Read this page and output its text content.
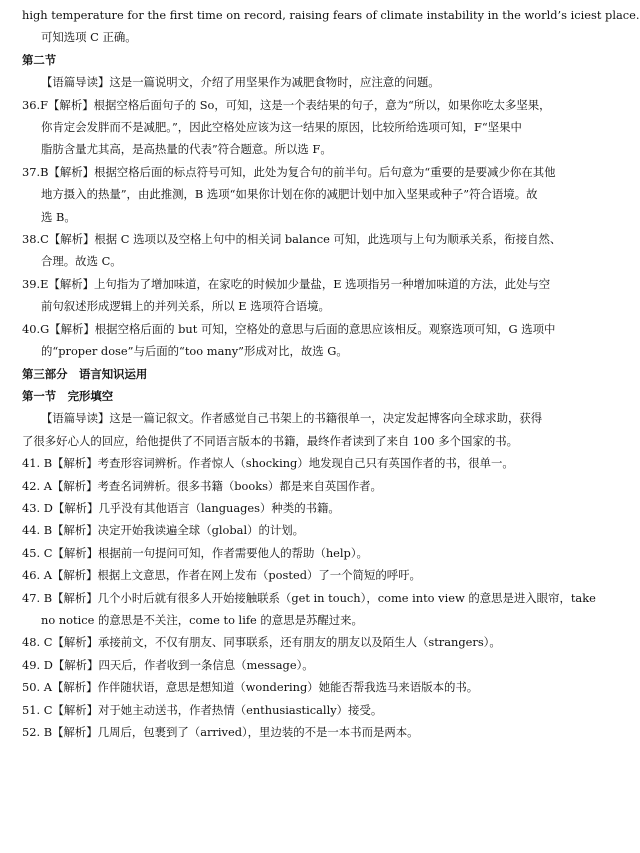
high temperature for the first time on record, raising fears of climate instability in the world’s iciest place.
可知选项 C 正确。
第二节
【语篇导读】这是一篇说明文，介绍了用坚果作为减肥食物时，应注意的问题。
36.F 【解析】根据空格后面句子的 So，可知，这是一个表结果的句子，意为“所以，如果你吃太多坚果，
你肯定会发胖而不是减肥。”，因此空格处应该为这一结果的原因，比较所给选项可知，F“坚果中
脂肪含量尤其高，是高热量的代表”符合题意。所以选 F。
37.B 【解析】根据空格后面的标点符号可知，此处为复合句的前半句。后句意为“重要的是要减少你在其他
地方摄入的热量”，由此推测，B 选项“如果你计划在你的减肥计划中加入坚果或种子”符合语境。故
选 B。
38.C 【解析】根据 C 选项以及空格上句中的相关词 balance 可知，此选项与上句为顺承关系，衔接自然、
合理。故选 C。
39.E 【解析】上句指为了增加味道，在家吃的时候加少量盐，E 选项指另一种增加味道的方法，此处与空
前句叙述形成逻辑上的并列关系，所以 E 选项符合语境。
40.G 【解析】根据空格后面的 but 可知，空格处的意思与后面的意思应该相反。观察选项可知，G 选项中
的“proper dose”与后面的“too many”形成对比，故选 G。
第三部分　语言知识运用
第一节　完形填空
【语篇导读】这是一篇记叙文。作者感觉自己书架上的书籍很单一，决定发起博客向全球求助，获得
了很多好心人的回应，给他提供了不同语言版本的书籍，最终作者读到了来自 100 多个国家的书。
41. B 【解析】考查形容词辨析。作者惊人（shocking）地发现自己只有英国作者的书，很单一。
42. A 【解析】考查名词辨析。很多书籍（books）都是来自英国作者。
43. D 【解析】几乎没有其他语言（languages）种类的书籍。
44. B 【解析】决定开始我读遍全球（global）的计划。
45. C 【解析】根据前一句提问可知，作者需要他人的帮助（help）。
46. A 【解析】根据上文意思，作者在网上发布（posted）了一个简短的呼吁。
47. B 【解析】几个小时后就有很多人开始接触联系（get in touch），come into view 的意思是进入眼帘，take
no notice 的意思是不关注，come to life 的意思是苏醒过来。
48. C 【解析】承接前文，不仅有朋友、同事联系，还有朋友的朋友以及陌生人（strangers）。
49. D 【解析】四天后，作者收到一条信息（message）。
50. A 【解析】作伴随状语，意思是想知道（wondering）她能否帮我选马来语版本的书。
51. C 【解析】对于她主动送书，作者热情（enthusiastically）接受。
52. B 【解析】几周后，包裹到了（arrived），里边装的不是一本书而是两本。
